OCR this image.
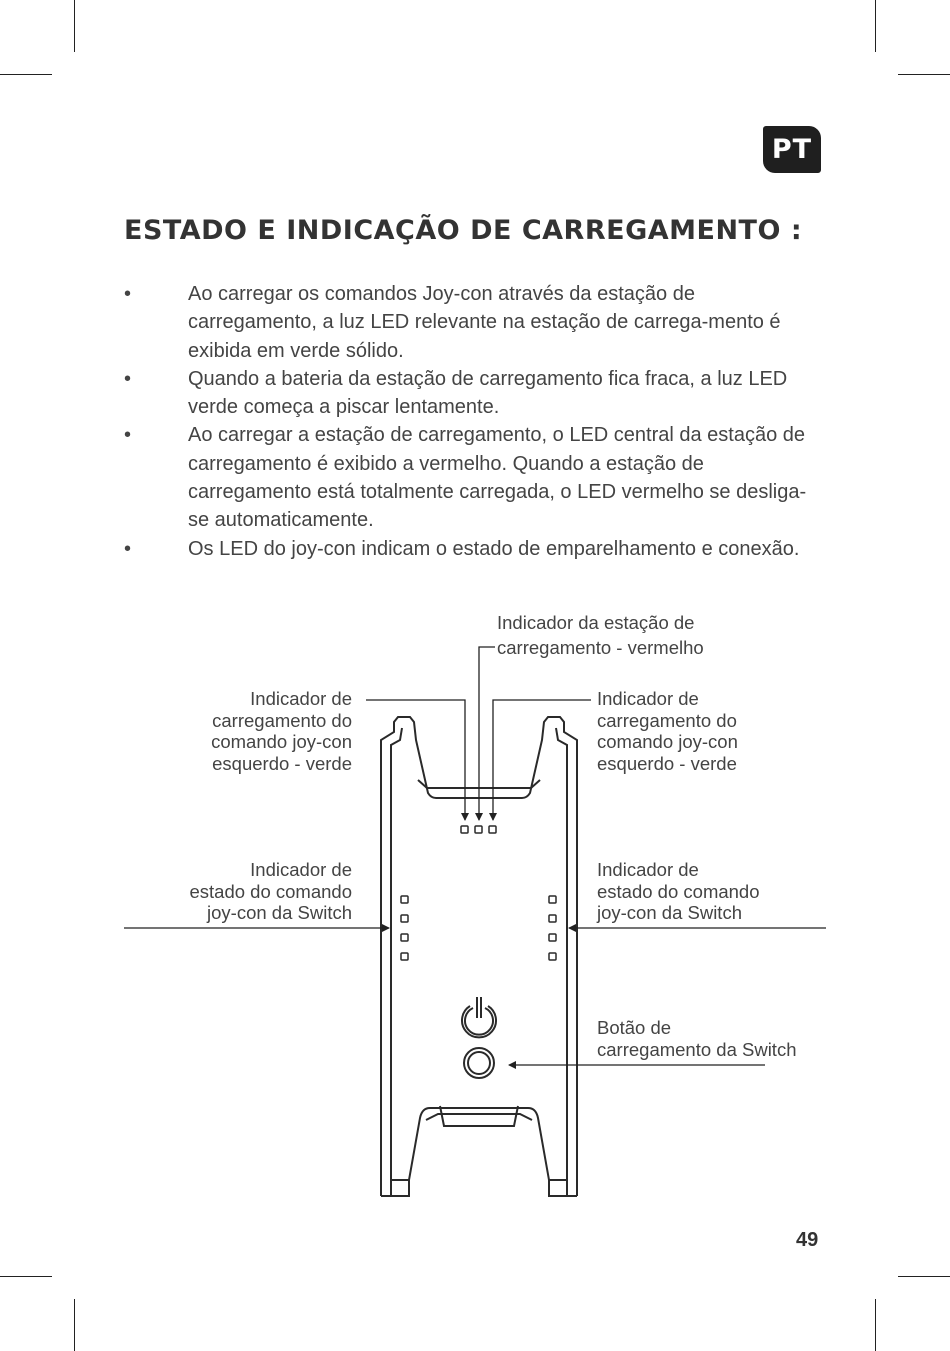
PT
ESTADO E INDICAÇÃO DE CARREGAMENTO :
•	Ao carregar os comandos Joy-con através da estação de carregamento, a luz LED relevante na estação de carrega-mento é exibida em verde sólido.
•	Quando a bateria da estação de carregamento fica fraca, a luz LED verde começa a piscar lentamente.
•	Ao carregar a estação de carregamento, o LED central da estação de carregamento é exibido a vermelho. Quando a estação de carregamento está totalmente carregada, o LED vermelho se desliga-se automaticamente.
•	Os LED do joy-con indicam o estado de emparelhamento e conexão.
Indicador da estação de
carregamento - vermelho
Indicador de
carregamento do
comando joy-con
esquerdo - verde
Indicador de
carregamento do
comando joy-con
esquerdo - verde
Indicador de
estado do comando
joy-con da Switch
Indicador de
estado do comando
joy-con da Switch
Botão de
carregamento da Switch
49
